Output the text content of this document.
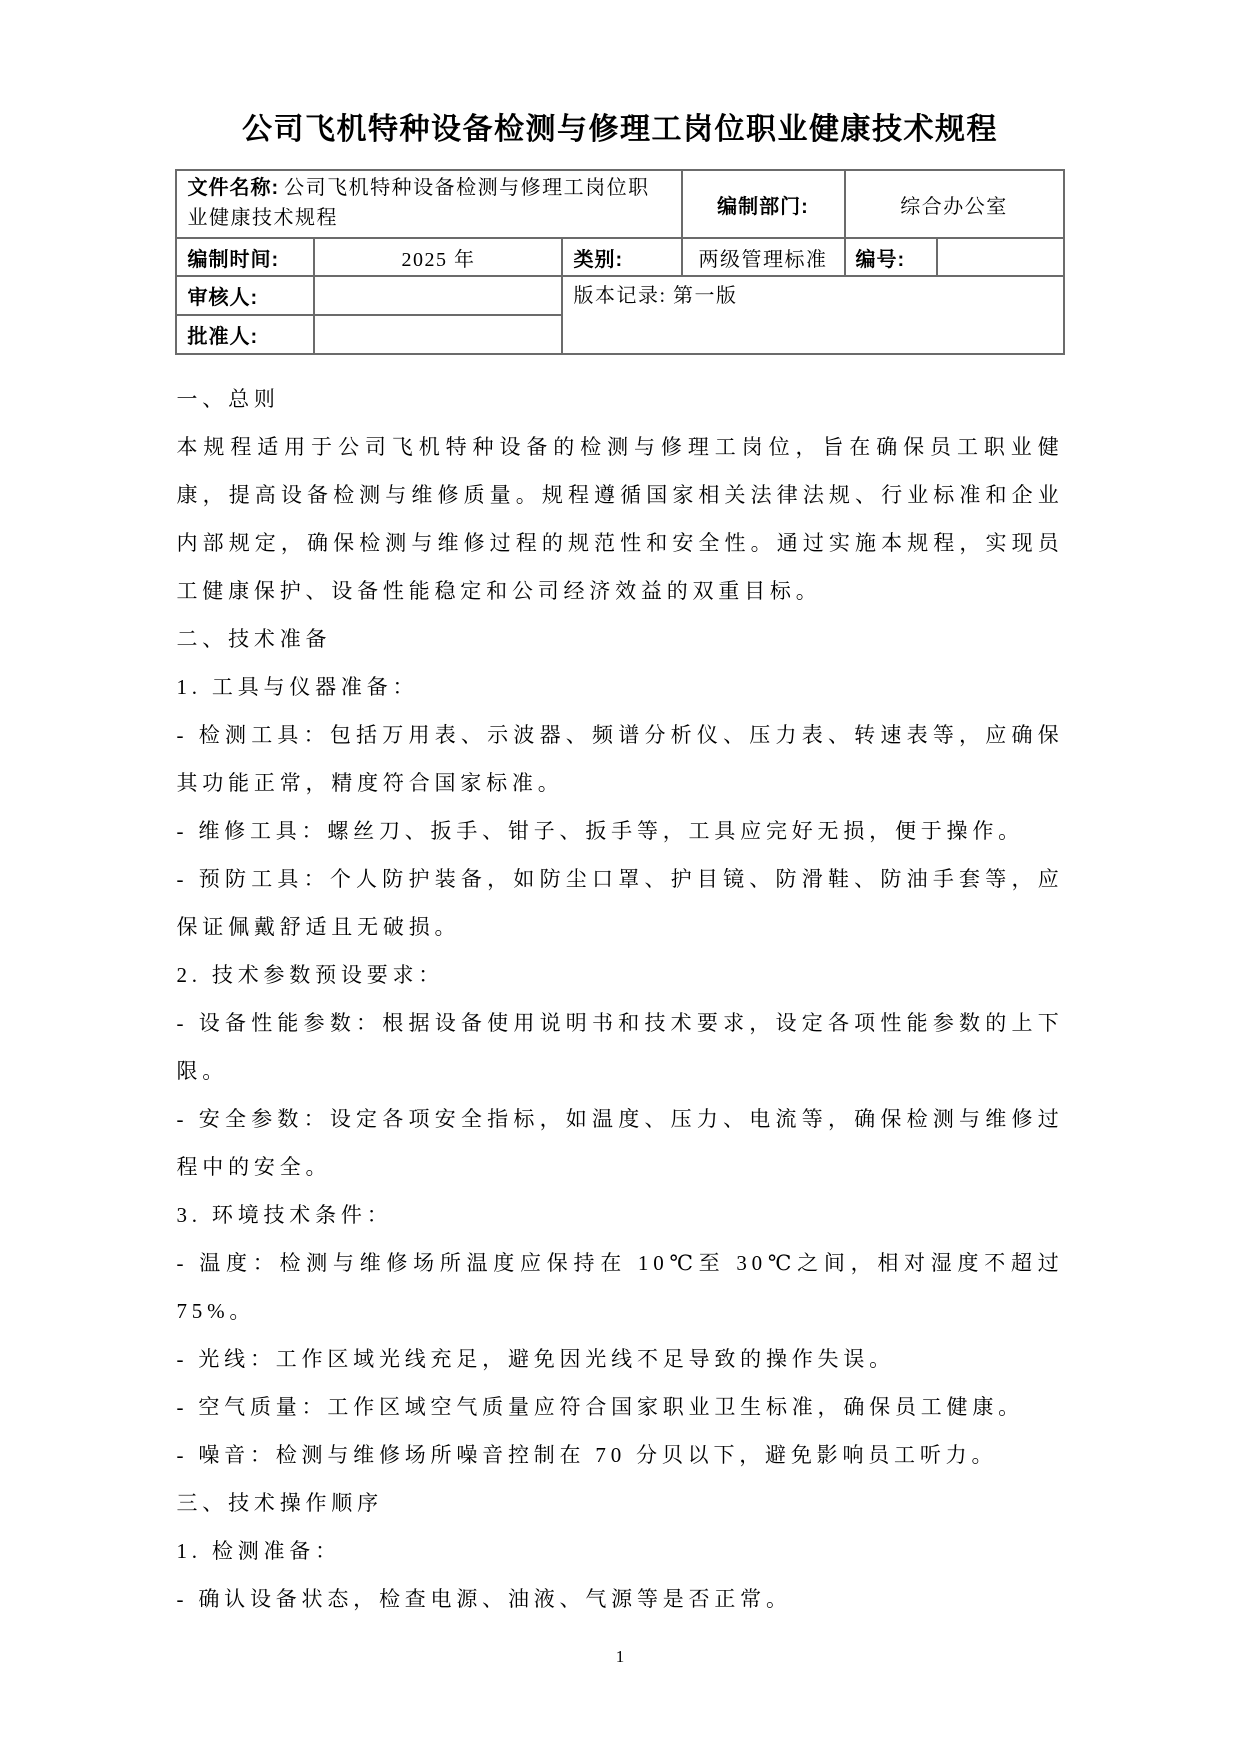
公司飞机特种设备检测与修理工岗位职业健康技术规程
文件名称: 公司飞机特种设备检测与修理工岗位职业健康技术规程			编制部门:	综合办公室	
编制时间:	2025 年	类别:	两级管理标准	编号:	
审核人:		版本记录: 第一版			
批准人:					

一、总则

本规程适用于公司飞机特种设备的检测与修理工岗位，旨在确保员工职业健康，提高设备检测与维修质量。规程遵循国家相关法律法规、行业标准和企业内部规定，确保检测与维修过程的规范性和安全性。通过实施本规程，实现员工健康保护、设备性能稳定和公司经济效益的双重目标。

二、技术准备

1. 工具与仪器准备：

- 检测工具：包括万用表、示波器、频谱分析仪、压力表、转速表等，应确保其功能正常，精度符合国家标准。

- 维修工具：螺丝刀、扳手、钳子、扳手等，工具应完好无损，便于操作。

- 预防工具：个人防护装备，如防尘口罩、护目镜、防滑鞋、防油手套等，应保证佩戴舒适且无破损。

2. 技术参数预设要求：

- 设备性能参数：根据设备使用说明书和技术要求，设定各项性能参数的上下限。

- 安全参数：设定各项安全指标，如温度、压力、电流等，确保检测与维修过程中的安全。

3. 环境技术条件：

- 温度：检测与维修场所温度应保持在 10℃至 30℃之间，相对湿度不超过 75%。

- 光线：工作区域光线充足，避免因光线不足导致的操作失误。

- 空气质量：工作区域空气质量应符合国家职业卫生标准，确保员工健康。

- 噪音：检测与维修场所噪音控制在 70 分贝以下，避免影响员工听力。

三、技术操作顺序

1. 检测准备：

- 确认设备状态，检查电源、油液、气源等是否正常。

1
